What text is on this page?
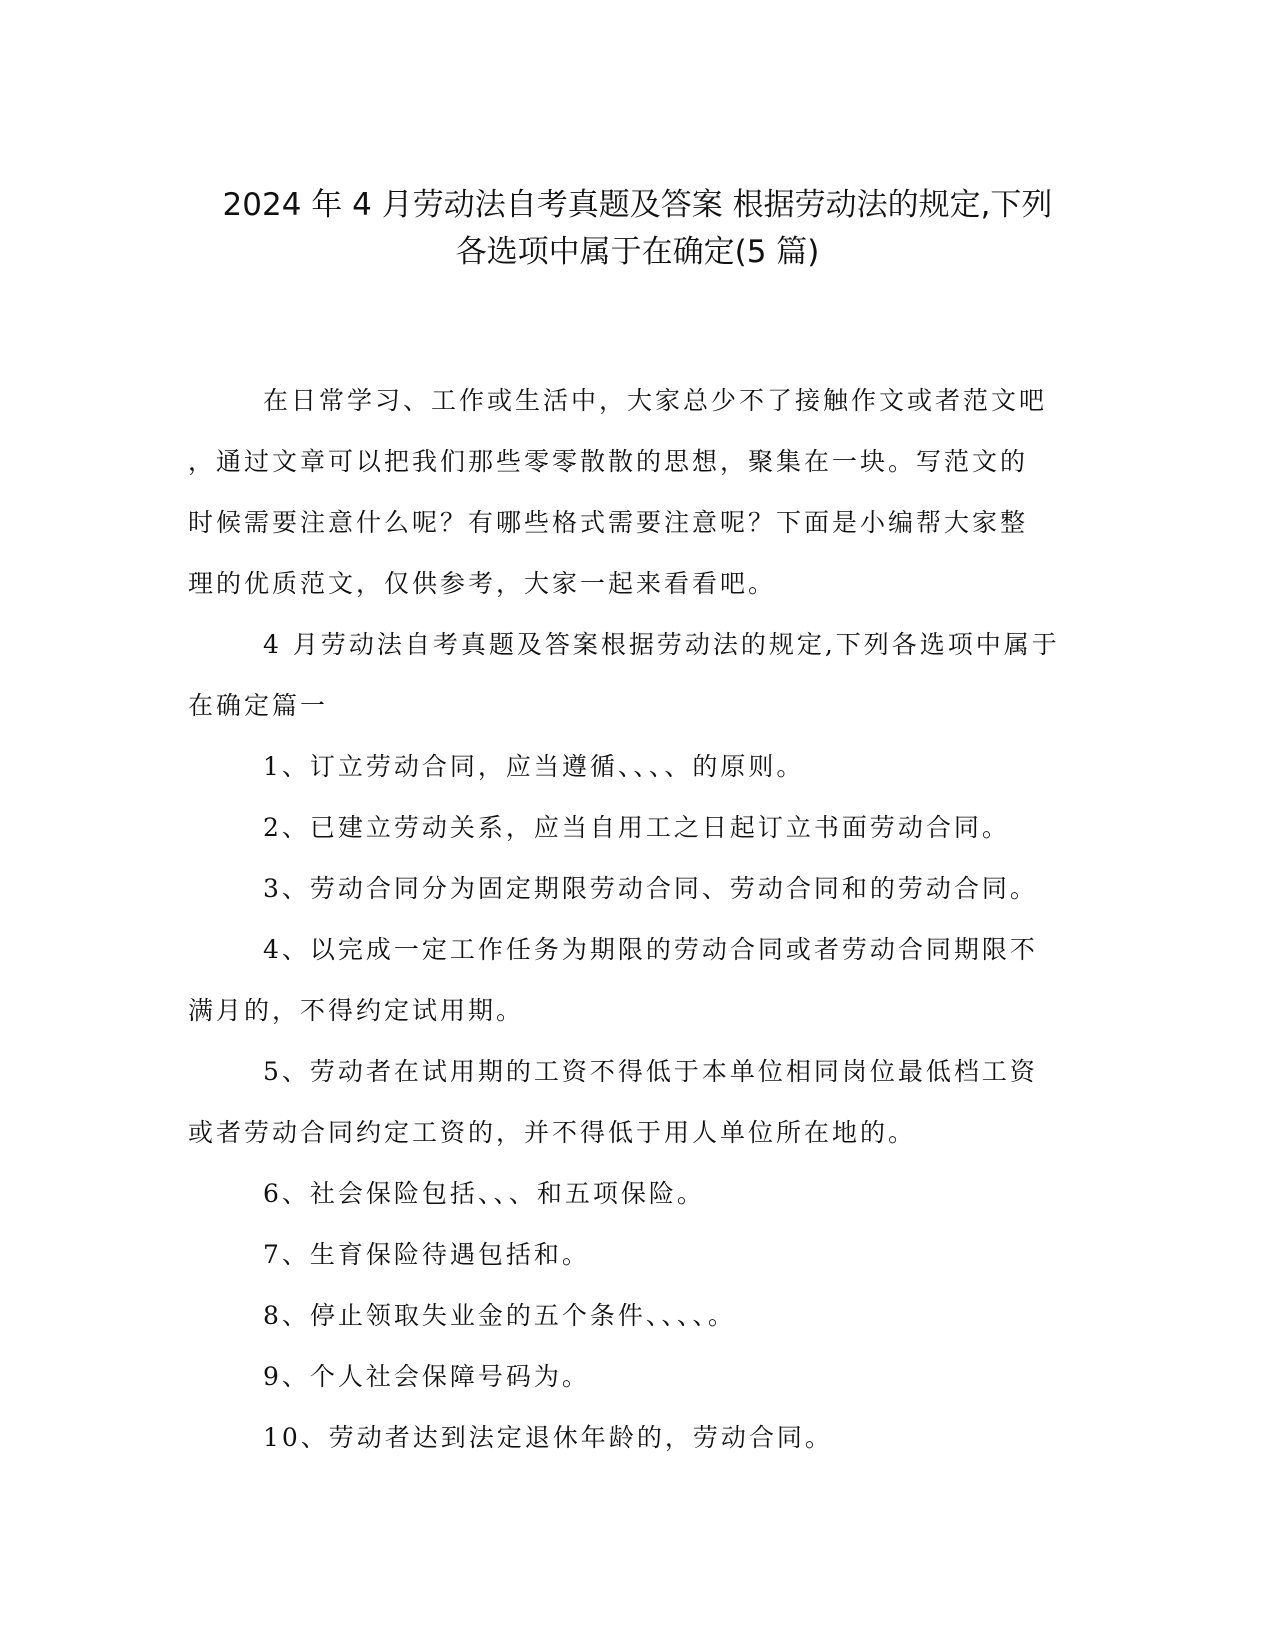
2024 年 4 月劳动法自考真题及答案 根据劳动法的规定,下列
各选项中属于在确定(5 篇)

在日常学习、工作或生活中，大家总少不了接触作文或者范文吧

，通过文章可以把我们那些零零散散的思想，聚集在一块。写范文的

时候需要注意什么呢？有哪些格式需要注意呢？下面是小编帮大家整

理的优质范文，仅供参考，大家一起来看看吧。

4 月劳动法自考真题及答案根据劳动法的规定,下列各选项中属于

在确定篇一

1、订立劳动合同，应当遵循、、、、的原则。

2、已建立劳动关系，应当自用工之日起订立书面劳动合同。

3、劳动合同分为固定期限劳动合同、劳动合同和的劳动合同。

4、以完成一定工作任务为期限的劳动合同或者劳动合同期限不

满月的，不得约定试用期。

5、劳动者在试用期的工资不得低于本单位相同岗位最低档工资

或者劳动合同约定工资的，并不得低于用人单位所在地的。

6、社会保险包括、、、和五项保险。

7、生育保险待遇包括和。

8、停止领取失业金的五个条件、、、、。

9、个人社会保障号码为。

10、劳动者达到法定退休年龄的，劳动合同。
